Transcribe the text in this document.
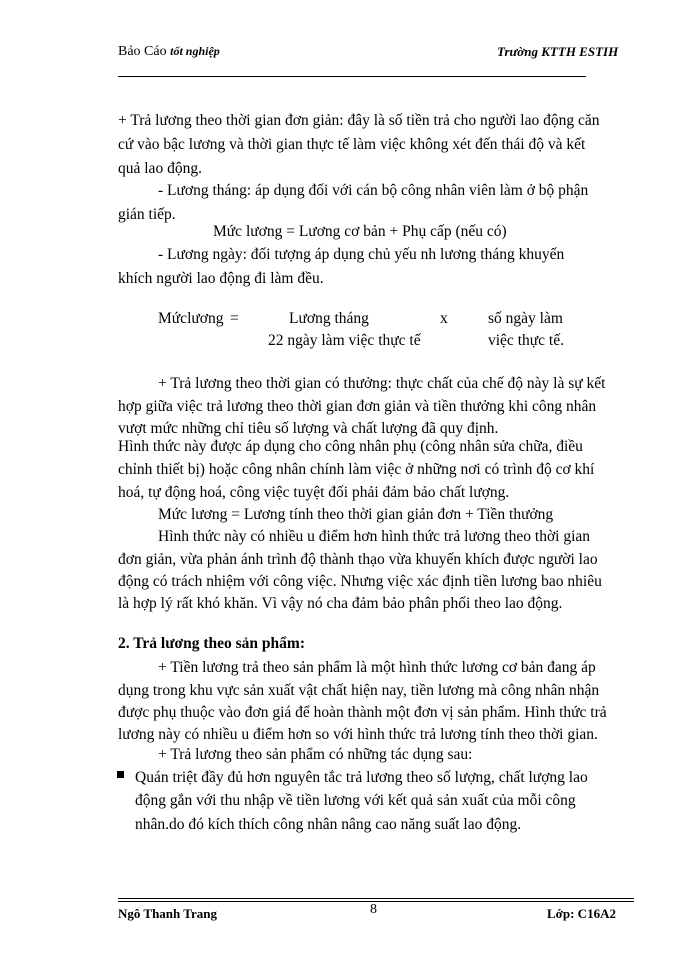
Bảo Cáo tốt nghiệp	Trường KTTH ESTIH
+ Trả lương theo thời gian đơn giản: đây là số tiền trả cho người lao động căn
cứ vào bậc lương và thời gian thực tế làm việc không xét đến thái độ và kết
quả lao động.
- Lương tháng: áp dụng đối với cán bộ công nhân viên làm ở bộ phận
gián tiếp.
Mức lương = Lương cơ bản + Phụ cấp (nếu có)
- Lương ngày: đối tượng áp dụng chủ yếu nh lương tháng khuyến
khích người lao động đi làm đều.
Mứclương =	Lương tháng	x	số ngày làm
22 ngày làm việc thực tế	việc thực tế.
+ Trả lương theo thời gian có thưởng: thực chất của chế độ này là sự kết
hợp giữa việc trả lương theo thời gian đơn giản và tiền thưởng khi công nhân
vượt mức những chỉ tiêu số lượng và chất lượng đã quy định.
Hình thức này được áp dụng cho công nhân phụ (công nhân sửa chữa, điều
chỉnh thiết bị) hoặc công nhân chính làm việc ở những nơi có trình độ cơ khí
hoá, tự động hoá, công việc tuyệt đối phải đảm bảo chất lượng.
Mức lương = Lương tính theo thời gian giản đơn + Tiền thưởng
Hình thức này có nhiều u điểm hơn hình thức trả lương theo thời gian
đơn giản, vừa phản ánh trình độ thành thạo vừa khuyến khích được người lao
động có trách nhiệm với công việc. Nhưng việc xác định tiền lương bao nhiêu
là hợp lý rất khó khăn. Vì vậy nó cha đảm bảo phân phối theo lao động.
2. Trả lương theo sản phẩm:
+ Tiền lương trả theo sản phẩm là một hình thức lương cơ bản đang áp
dụng trong khu vực sản xuất vật chất hiện nay, tiền lương mà công nhân nhận
được phụ thuộc vào đơn giá để hoàn thành một đơn vị sản phẩm. Hình thức trả
lương này có nhiều u điểm hơn so với hình thức trả lương tính theo thời gian.
+ Trả lương theo sản phẩm có những tác dụng sau:
Quán triệt đầy đủ hơn nguyên tắc trả lương theo số lượng, chất lượng lao
động gắn với thu nhập về tiền lương với kết quả sản xuất của mỗi công
nhân.do đó kích thích công nhân nâng cao năng suất lao động.
Ngô Thanh Trang	8	Lớp: C16A2
